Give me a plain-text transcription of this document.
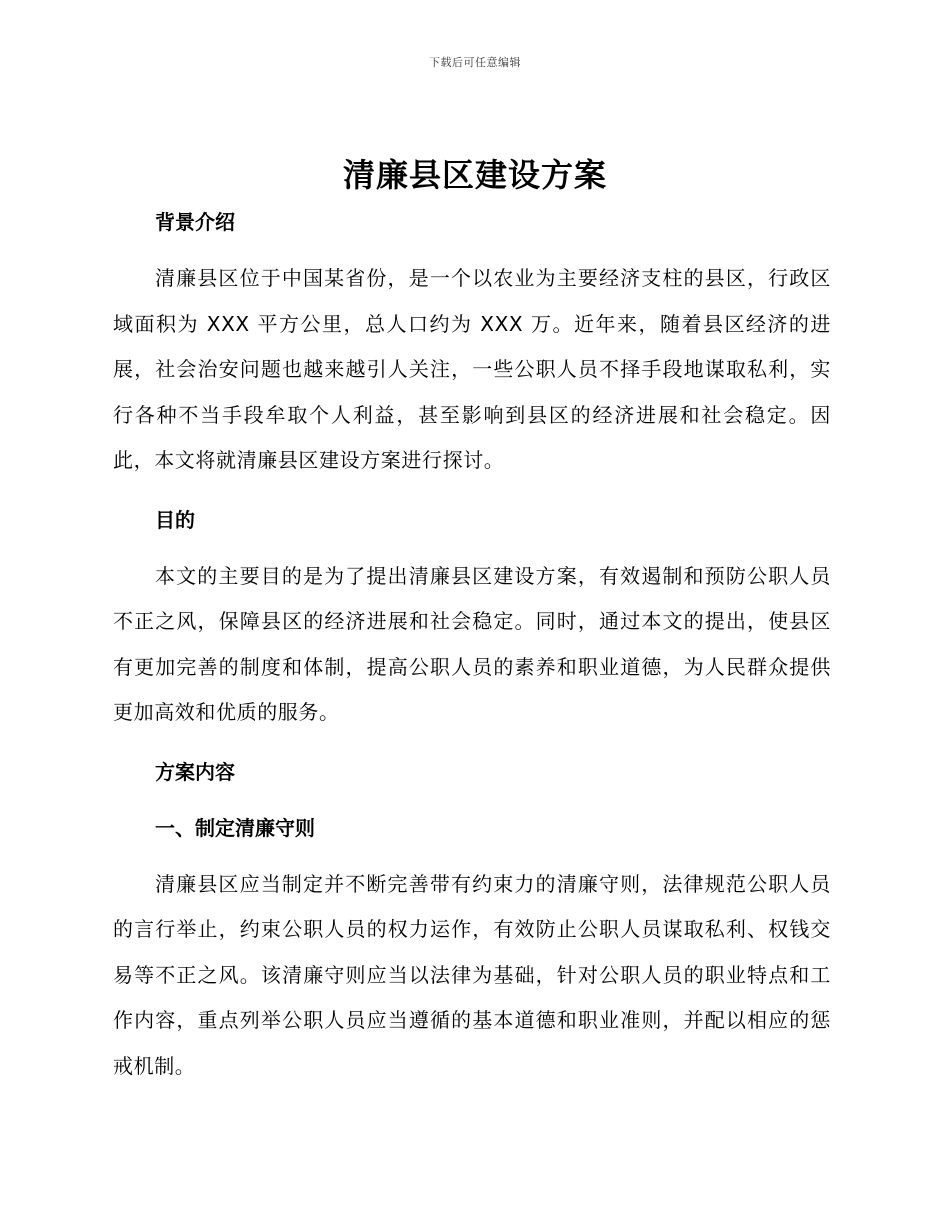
下载后可任意编辑
清廉县区建设方案
背景介绍

清廉县区位于中国某省份，是一个以农业为主要经济支柱的县区，行政区域面积为 XXX 平方公里，总人口约为 XXX 万。近年来，随着县区经济的进展，社会治安问题也越来越引人关注，一些公职人员不择手段地谋取私利，实行各种不当手段牟取个人利益，甚至影响到县区的经济进展和社会稳定。因此，本文将就清廉县区建设方案进行探讨。

目的

本文的主要目的是为了提出清廉县区建设方案，有效遏制和预防公职人员不正之风，保障县区的经济进展和社会稳定。同时，通过本文的提出，使县区有更加完善的制度和体制，提高公职人员的素养和职业道德，为人民群众提供更加高效和优质的服务。

方案内容
一、制定清廉守则

清廉县区应当制定并不断完善带有约束力的清廉守则，法律规范公职人员的言行举止，约束公职人员的权力运作，有效防止公职人员谋取私利、权钱交易等不正之风。该清廉守则应当以法律为基础，针对公职人员的职业特点和工作内容，重点列举公职人员应当遵循的基本道德和职业准则，并配以相应的惩戒机制。
